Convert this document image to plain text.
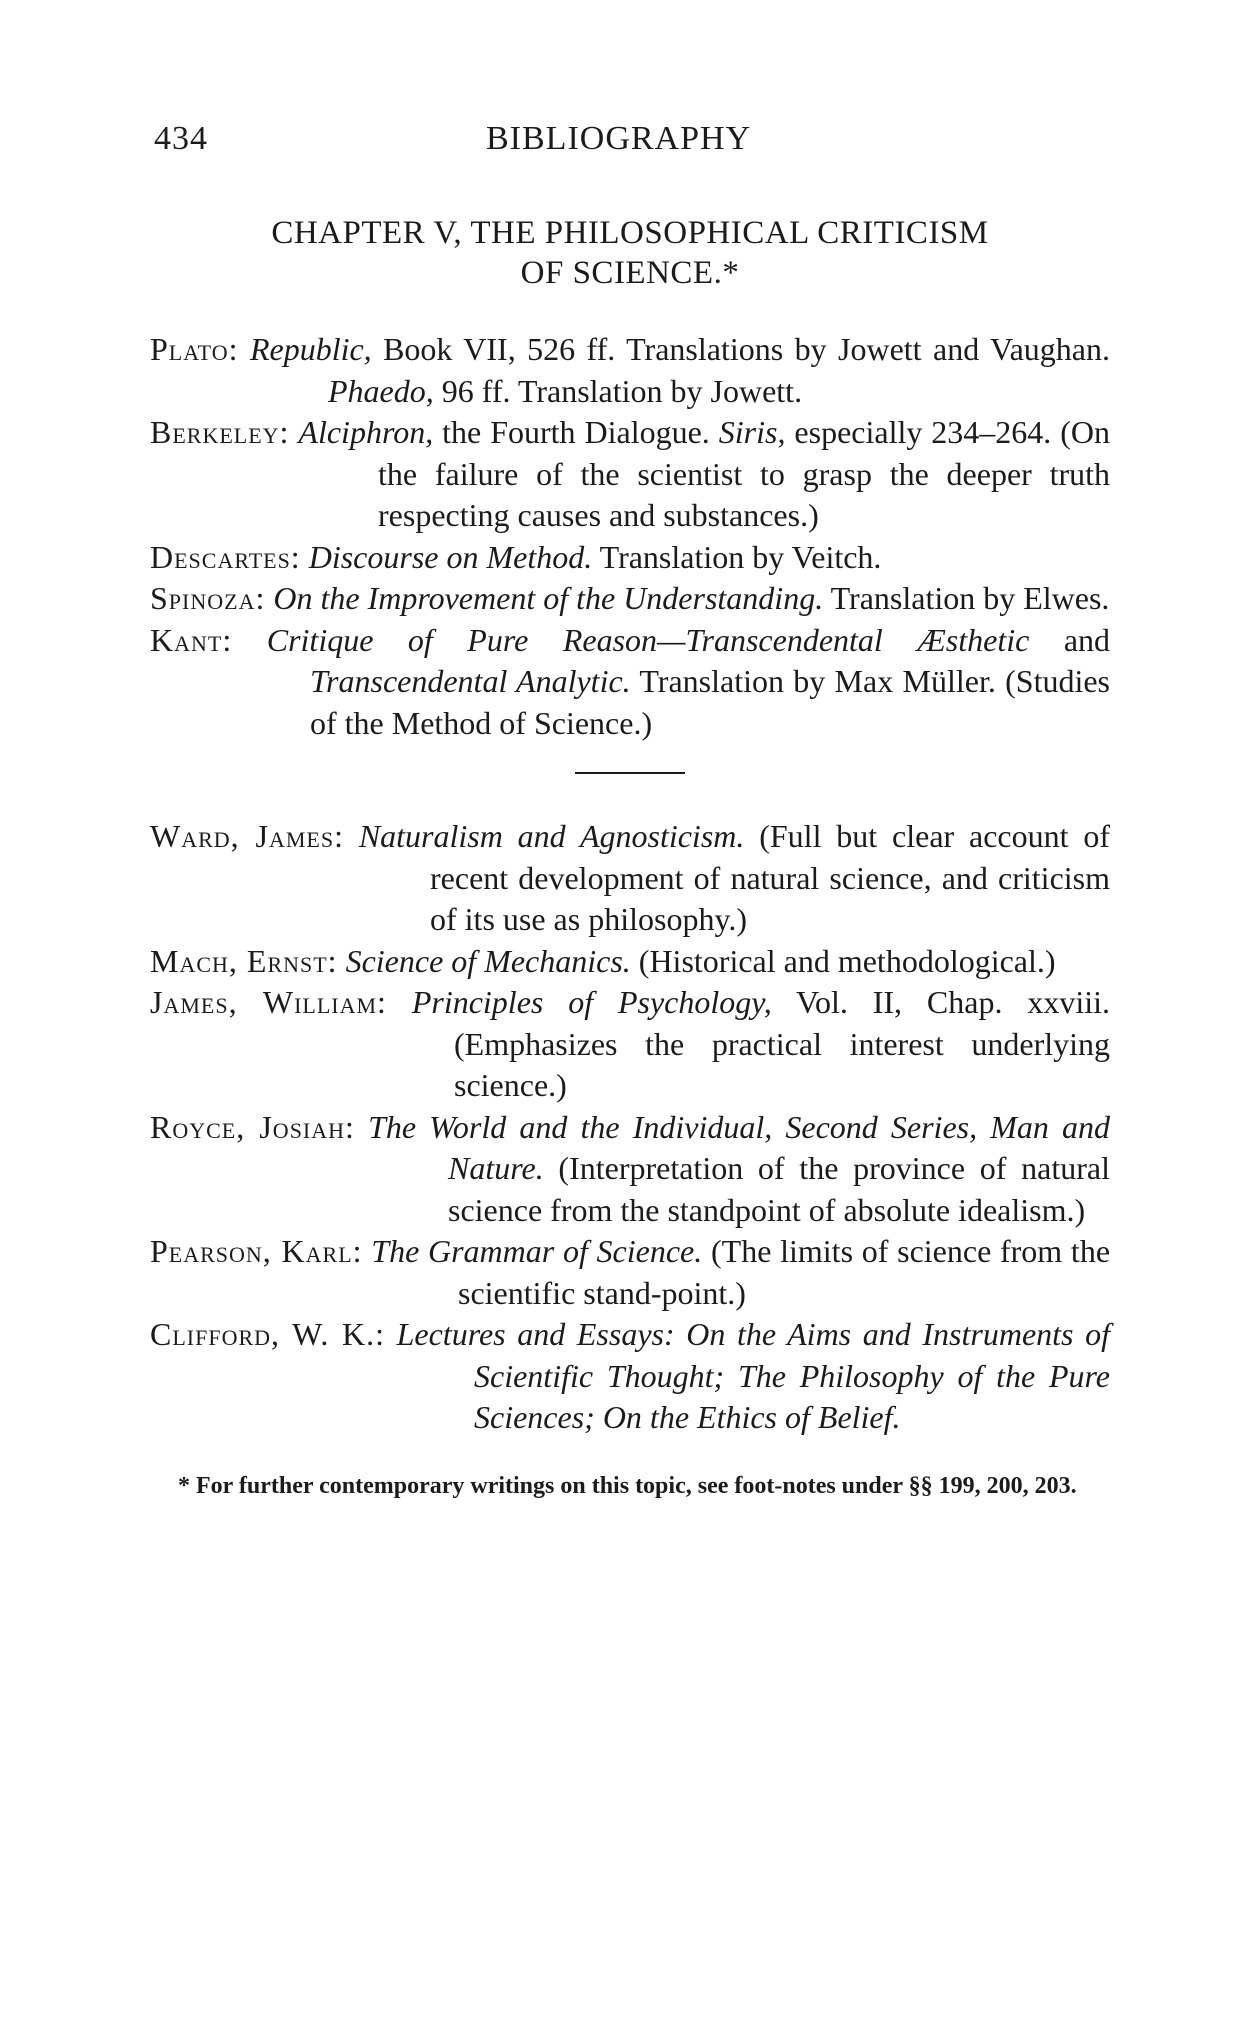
434	BIBLIOGRAPHY
CHAPTER V, THE PHILOSOPHICAL CRITICISM
OF SCIENCE.*

Plato: Republic, Book VII, 526 ff. Translations by Jowett and Vaughan. Phaedo, 96 ff. Translation by Jowett.

Berkeley: Alciphron, the Fourth Dialogue. Siris, especially 234–264. (On the failure of the scientist to grasp the deeper truth respecting causes and substances.)

Descartes: Discourse on Method. Translation by Veitch.

Spinoza: On the Improvement of the Understanding. Translation by Elwes.

Kant: Critique of Pure Reason—Transcendental Æsthetic and Transcendental Analytic. Translation by Max Müller. (Studies of the Method of Science.)

Ward, James: Naturalism and Agnosticism. (Full but clear account of recent development of natural science, and criticism of its use as philosophy.)

Mach, Ernst: Science of Mechanics. (Historical and methodological.)

James, William: Principles of Psychology, Vol. II, Chap. xxviii. (Emphasizes the practical interest underlying science.)

Royce, Josiah: The World and the Individual, Second Series, Man and Nature. (Interpretation of the province of natural science from the standpoint of absolute idealism.)

Pearson, Karl: The Grammar of Science. (The limits of science from the scientific stand-point.)

Clifford, W. K.: Lectures and Essays: On the Aims and Instruments of Scientific Thought; The Philosophy of the Pure Sciences; On the Ethics of Belief.

* For further contemporary writings on this topic, see foot-notes under §§ 199, 200, 203.
